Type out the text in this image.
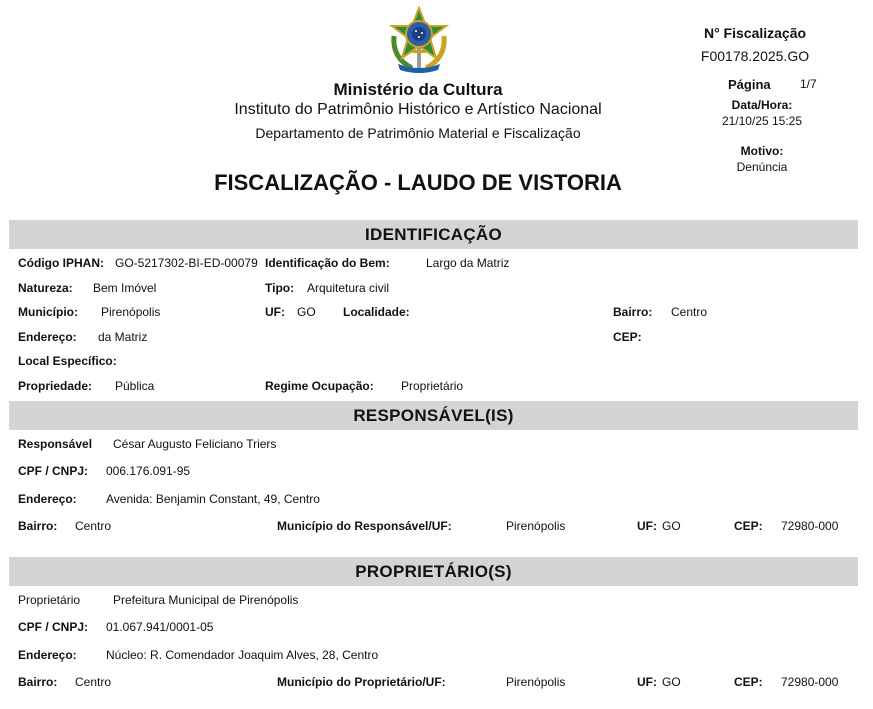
Ministério da Cultura
Instituto do Patrimônio Histórico e Artístico Nacional
Departamento de Patrimônio Material e Fiscalização
FISCALIZAÇÃO - LAUDO DE VISTORIA
N° Fiscalização
F00178.2025.GO
Página 1/7
Data/Hora:
21/10/25 15:25
Motivo:
Denúncia
IDENTIFICAÇÃO
Código IPHAN: GO-5217302-BI-ED-00079 Identificação do Bem:	Largo da Matriz
Natureza: Bem Imóvel	Tipo: Arquitetura civil
Município: Pirenópolis	UF: GO Localidade:	Bairro: Centro
Endereço: da Matriz	CEP:
Local Específico:
Propriedade: Pública	Regime Ocupação: Proprietário
RESPONSÁVEL(IS)
Responsável César Augusto Feliciano Triers
CPF / CNPJ: 006.176.091-95
Endereço: Avenida: Benjamin Constant, 49, Centro
Bairro: Centro	Município do Responsável/UF:	Pirenópolis	UF: GO	CEP: 72980-000
PROPRIETÁRIO(S)
Proprietário	Prefeitura Municipal de Pirenópolis
CPF / CNPJ: 01.067.941/0001-05
Endereço: Núcleo: R. Comendador Joaquim Alves, 28, Centro
Bairro: Centro	Município do Proprietário/UF:	Pirenópolis	UF: GO	CEP: 72980-000
